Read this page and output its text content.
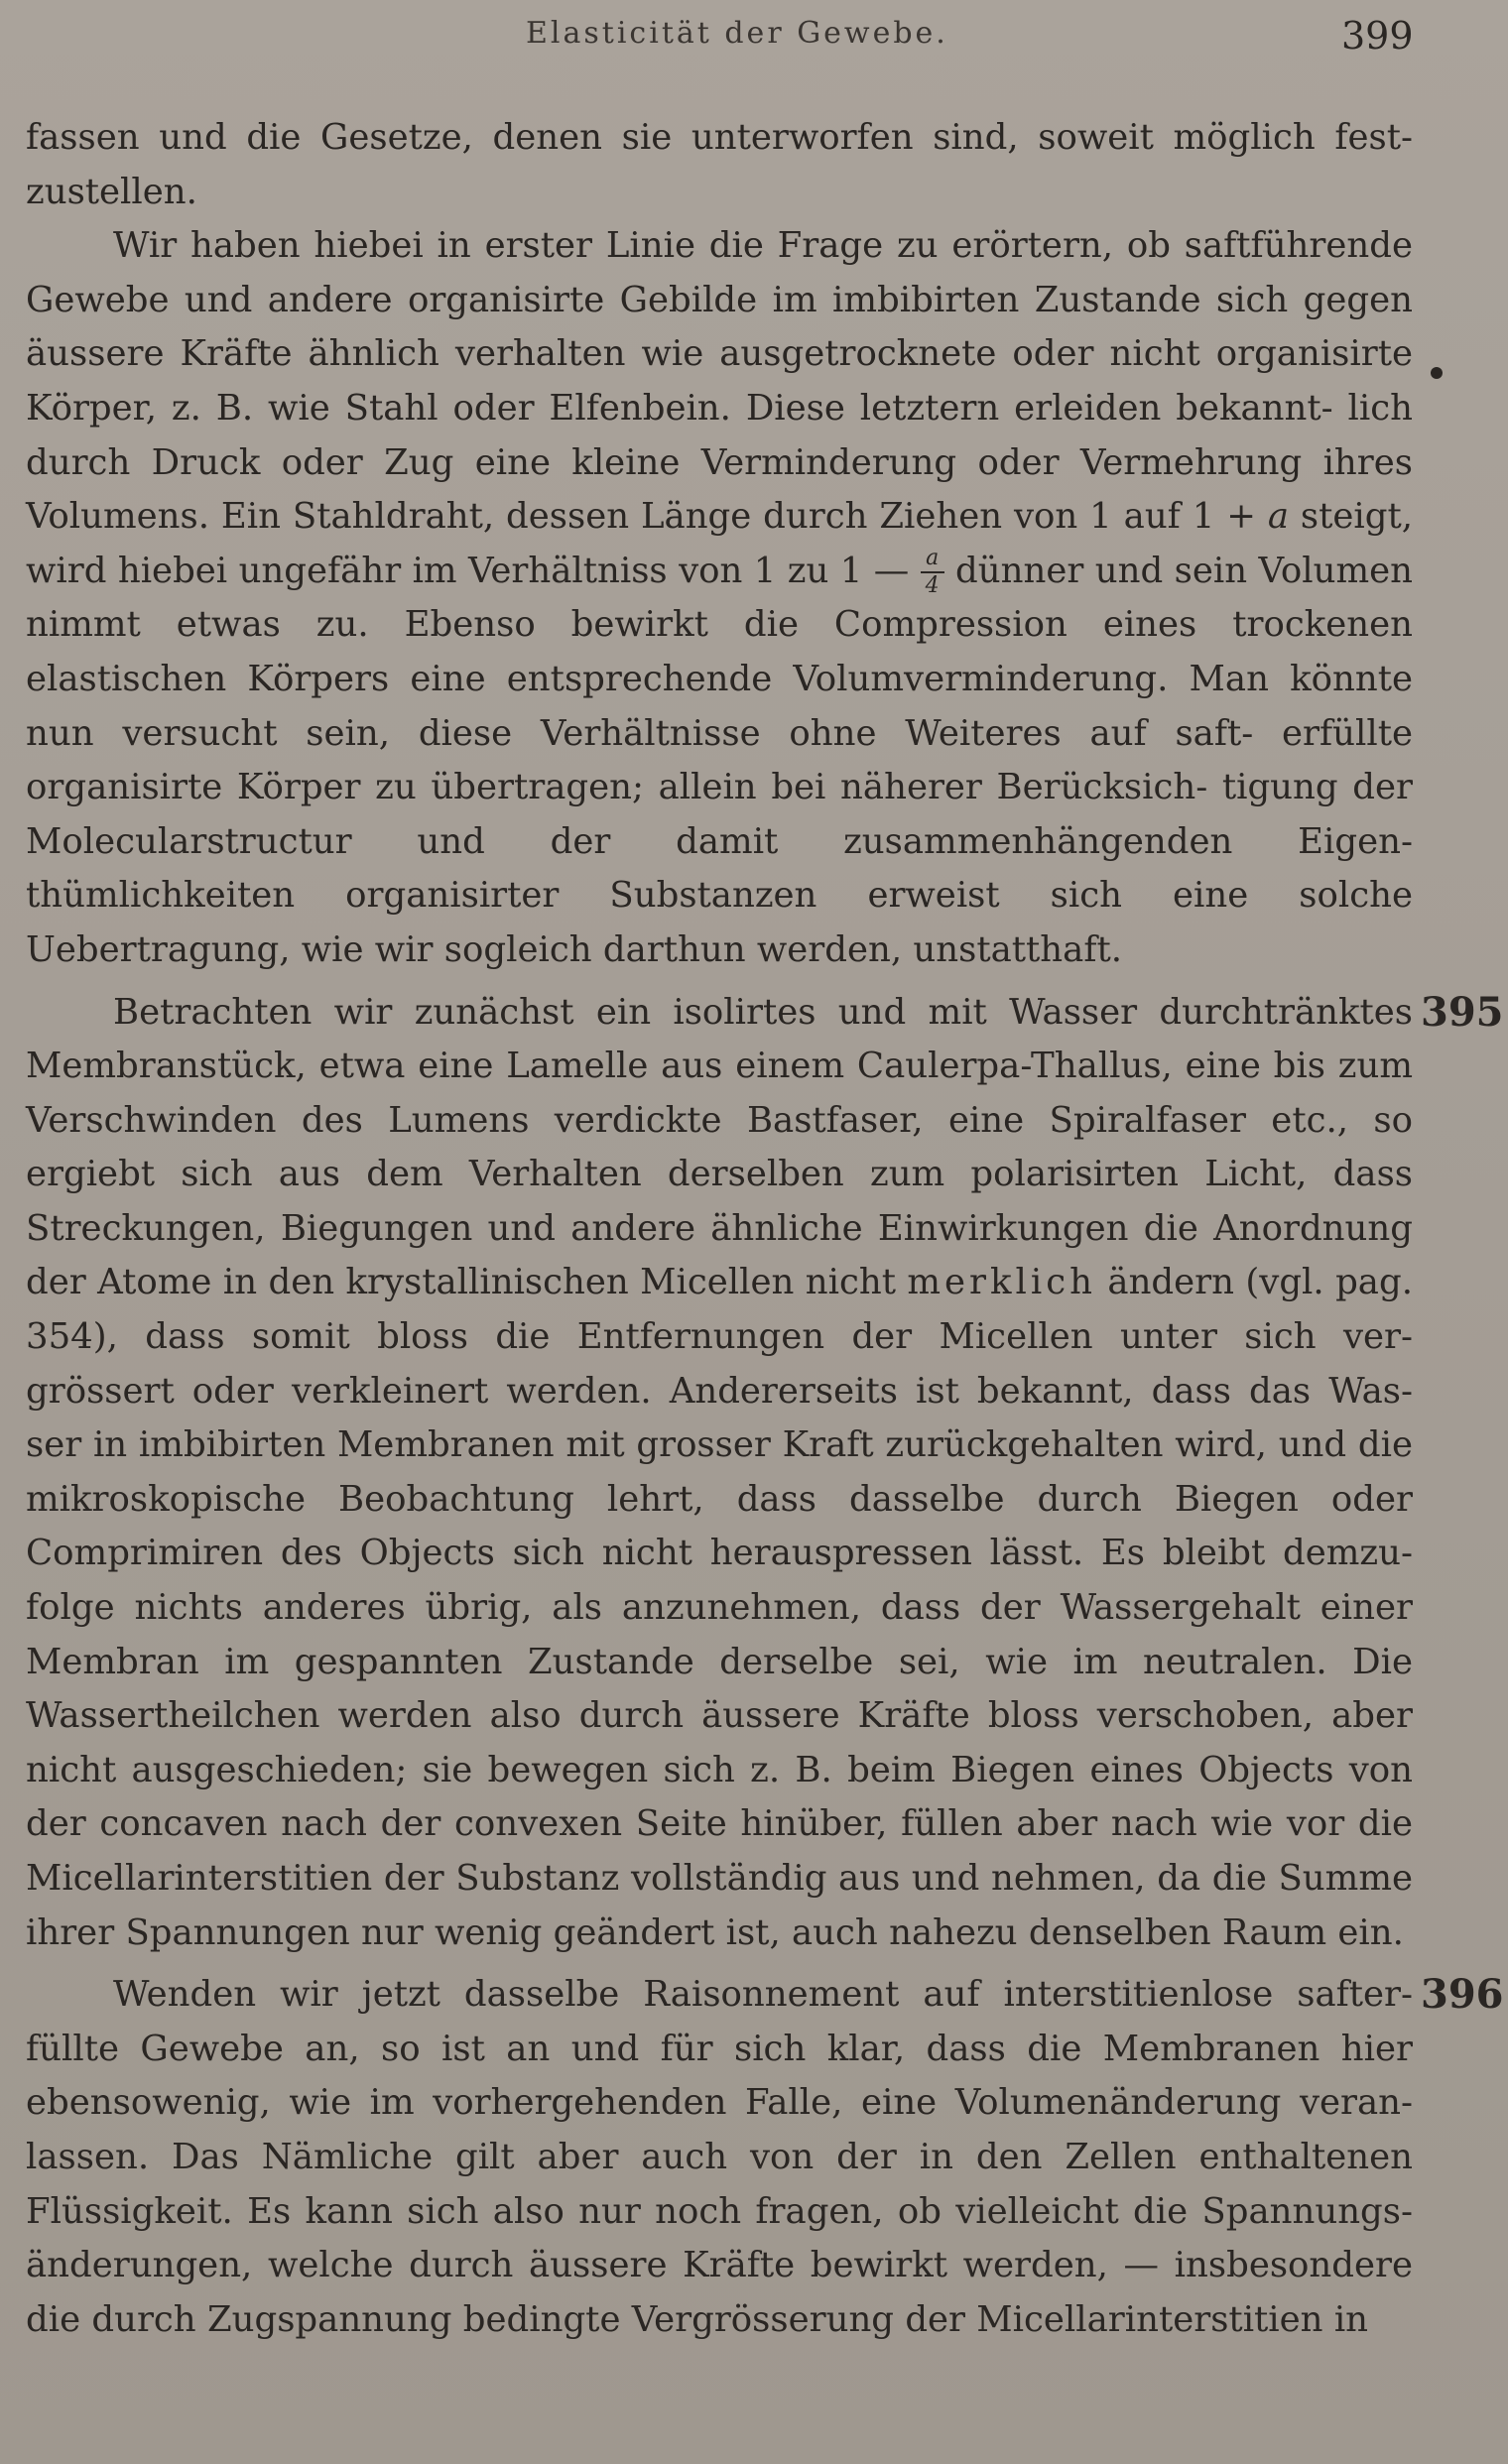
Elasticität der Gewebe.	399

fassen und die Gesetze, denen sie unterworfen sind, soweit möglich fest- zustellen.

Wir haben hiebei in erster Linie die Frage zu erörtern, ob saftführende Gewebe und andere organisirte Gebilde im imbibirten Zustande sich gegen äussere Kräfte ähnlich verhalten wie ausgetrocknete oder nicht organisirte Körper, z. B. wie Stahl oder Elfenbein. Diese letztern erleiden bekannt- lich durch Druck oder Zug eine kleine Verminderung oder Vermehrung ihres Volumens. Ein Stahldraht, dessen Länge durch Ziehen von 1 auf 1 + a steigt, wird hiebei ungefähr im Verhältniss von 1 zu 1 — $\frac{a}{4}$ dünner und sein Volumen nimmt etwas zu. Ebenso bewirkt die Compression eines trockenen elastischen Körpers eine entsprechende Volumverminderung. Man könnte nun versucht sein, diese Verhältnisse ohne Weiteres auf saft- erfüllte organisirte Körper zu übertragen; allein bei näherer Berücksich- tigung der Molecularstructur und der damit zusammenhängenden Eigen- thümlichkeiten organisirter Substanzen erweist sich eine solche Uebertragung, wie wir sogleich darthun werden, unstatthaft.

395
Betrachten wir zunächst ein isolirtes und mit Wasser durchtränktes Membranstück, etwa eine Lamelle aus einem Caulerpa-Thallus, eine bis zum Verschwinden des Lumens verdickte Bastfaser, eine Spiralfaser etc., so ergiebt sich aus dem Verhalten derselben zum polarisirten Licht, dass Streckungen, Biegungen und andere ähnliche Einwirkungen die Anordnung der Atome in den krystallinischen Micellen nicht merklich ändern (vgl. pag. 354), dass somit bloss die Entfernungen der Micellen unter sich ver- grössert oder verkleinert werden. Andererseits ist bekannt, dass das Was- ser in imbibirten Membranen mit grosser Kraft zurückgehalten wird, und die mikroskopische Beobachtung lehrt, dass dasselbe durch Biegen oder Comprimiren des Objects sich nicht herauspressen lässt. Es bleibt demzu- folge nichts anderes übrig, als anzunehmen, dass der Wassergehalt einer Membran im gespannten Zustande derselbe sei, wie im neutralen. Die Wassertheilchen werden also durch äussere Kräfte bloss verschoben, aber nicht ausgeschieden; sie bewegen sich z. B. beim Biegen eines Objects von der concaven nach der convexen Seite hinüber, füllen aber nach wie vor die Micellarinterstitien der Substanz vollständig aus und nehmen, da die Summe ihrer Spannungen nur wenig geändert ist, auch nahezu denselben Raum ein.

396
Wenden wir jetzt dasselbe Raisonnement auf interstitienlose safter- füllte Gewebe an, so ist an und für sich klar, dass die Membranen hier ebensowenig, wie im vorhergehenden Falle, eine Volumenänderung veran- lassen. Das Nämliche gilt aber auch von der in den Zellen enthaltenen Flüssigkeit. Es kann sich also nur noch fragen, ob vielleicht die Spannungs- änderungen, welche durch äussere Kräfte bewirkt werden, — insbesondere die durch Zugspannung bedingte Vergrösserung der Micellarinterstitien in
